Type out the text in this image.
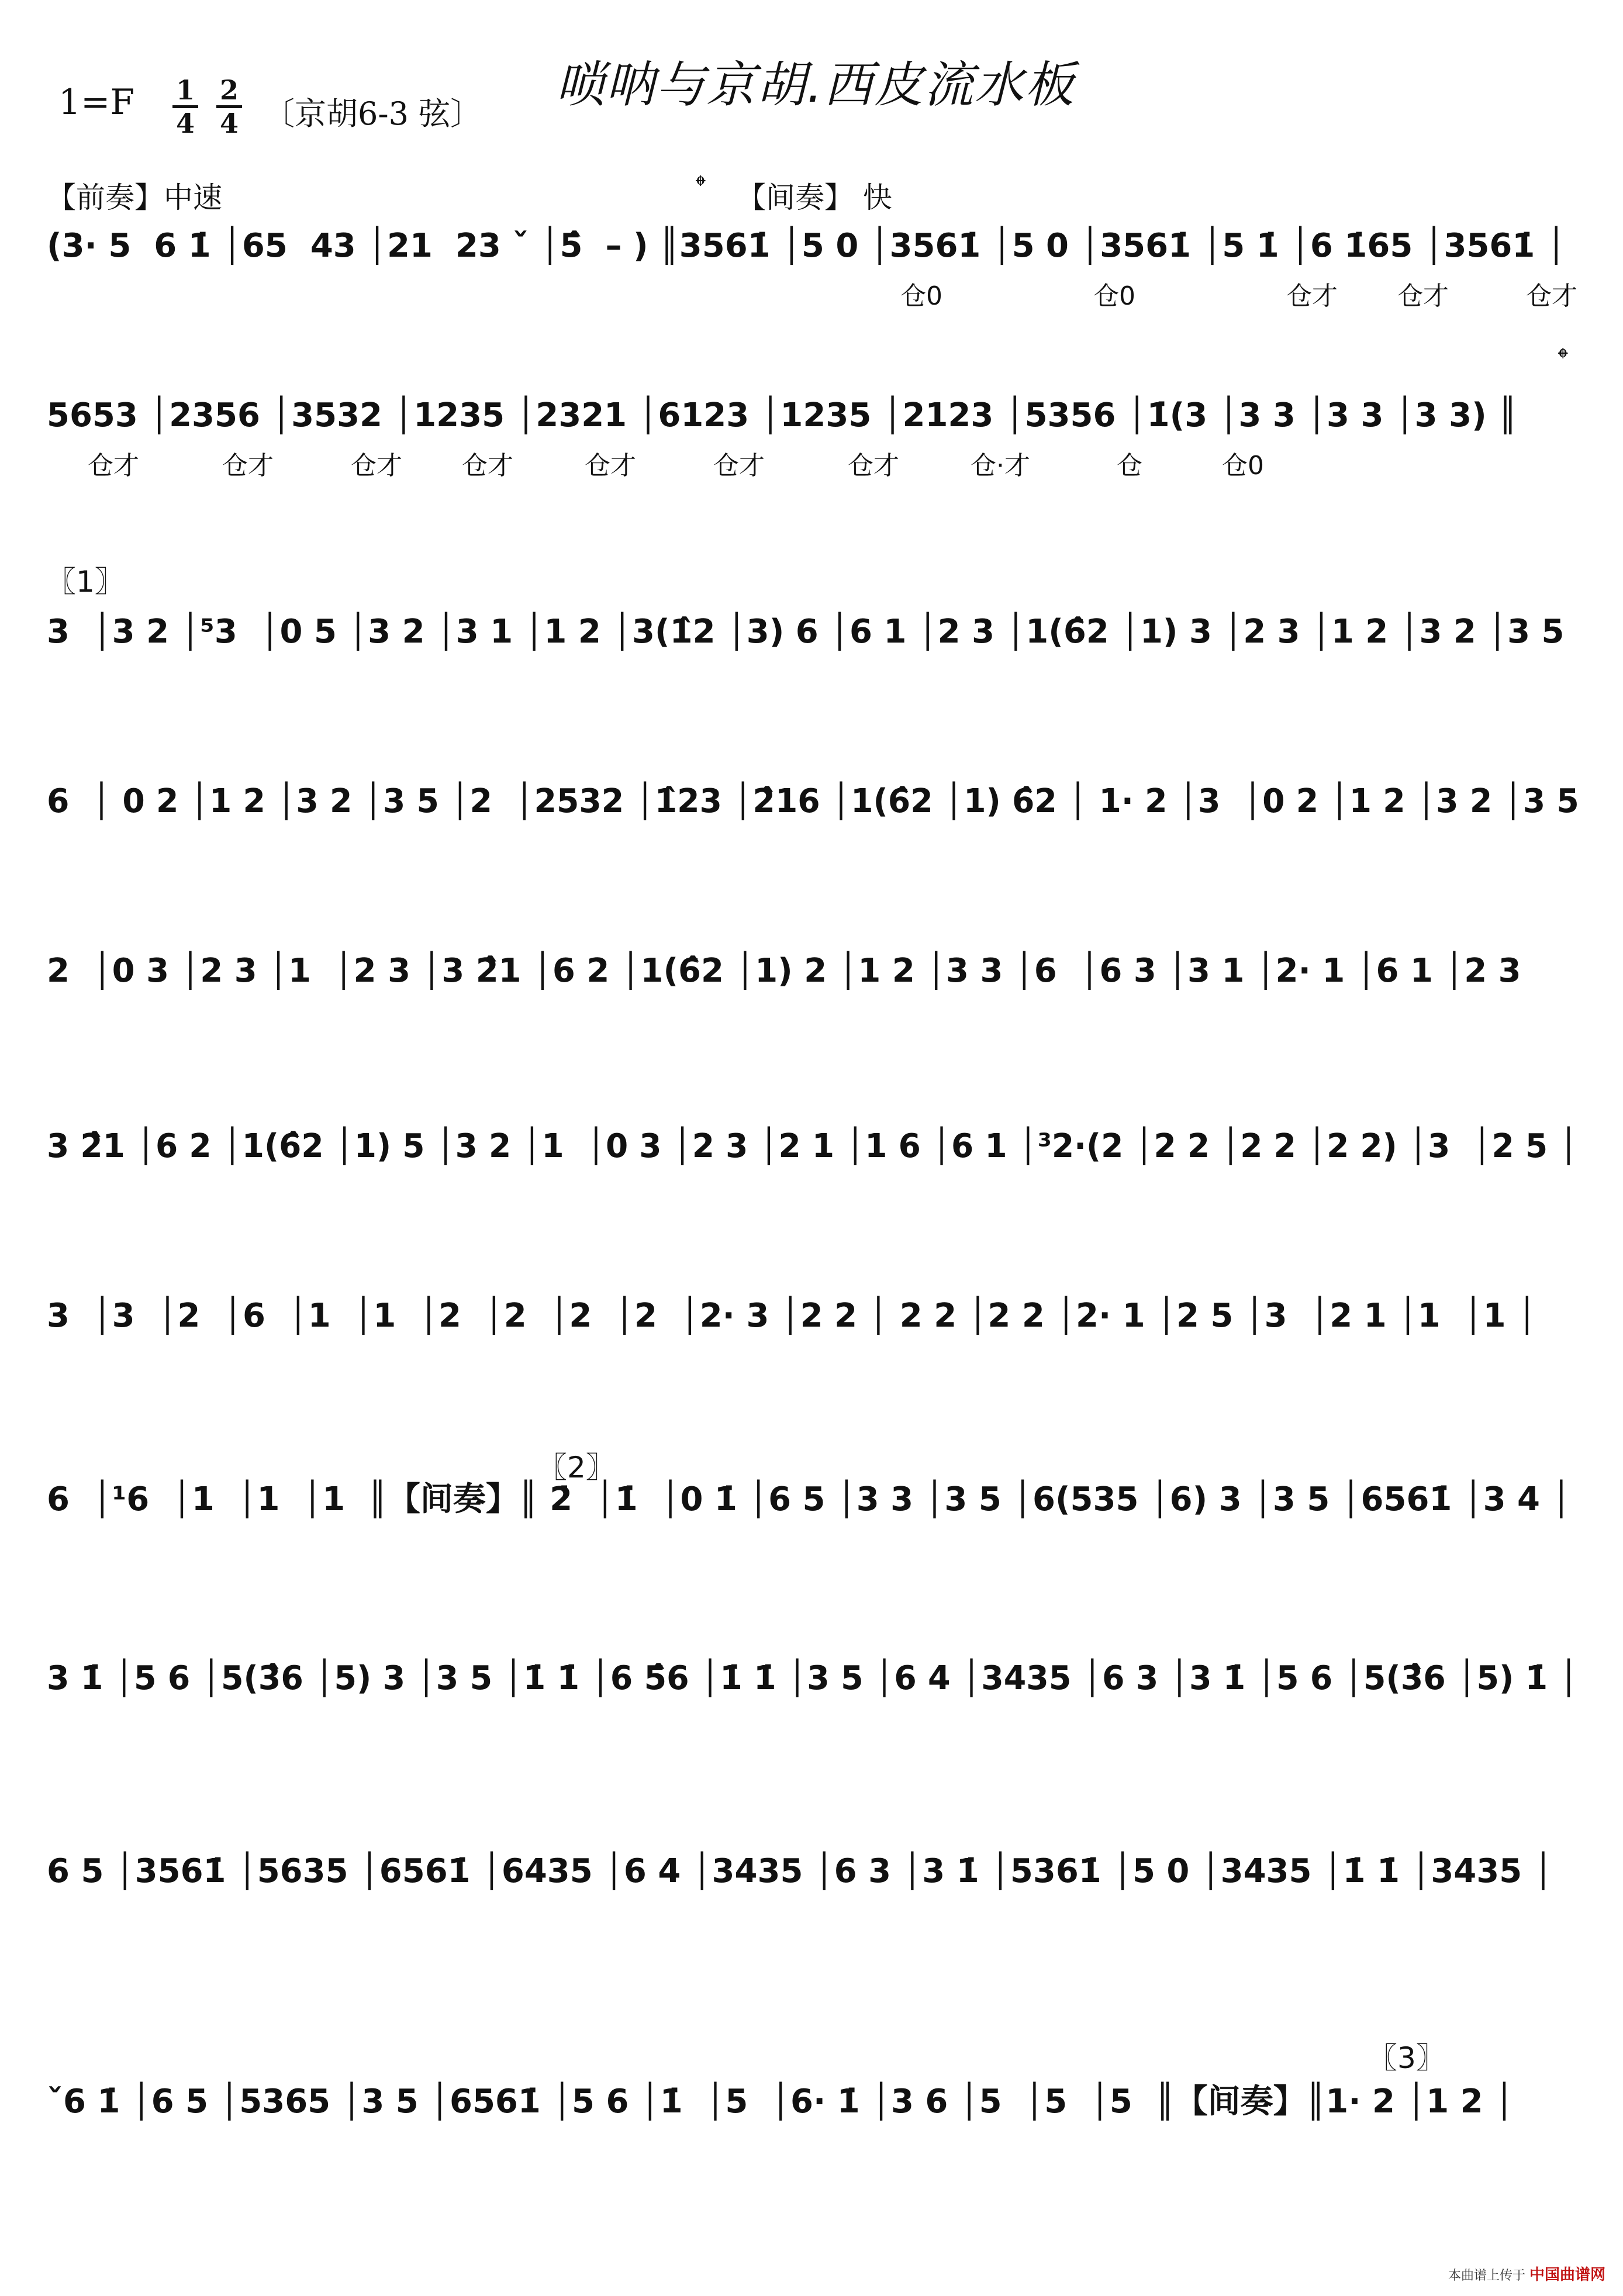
唢呐与京胡.西皮流水板
1=F 1
4
2
4 〔京胡6-3 弦〕
【前奏】中速	【间奏】 快
𝄌
𝄌
〖1〗
〖2〗
〖3〗
(3· 5  6 1̇ │65  43 │21  23 ˇ │5̂  – ) ║3561̇ │5 0 │3561̇ │5 0 │3561̇ │5 1̇ │6 1̇65 │3561̇ │
仓0	仓0	仓才 仓才	仓才
5653 │2356 │3532 │1235 │2321 │6123 │1235 │2123 │5356 │1̇(3 │3 3 │3 3 │3 3) ║
仓才	仓才	仓才 仓才	仓才	仓才	仓才	仓·才	仓	仓0
3  │3 2 │⁵3  │0 5 │3 2 │3 1 │1 2 │3(1̂2 │3) 6 │6 1 │2 3 │1(6̂2 │1) 3 │2 3 │1 2 │3 2 │3 5
6  │ 0 2 │1 2 │3 2 │3 5 │2  │2532 │1̂23 │2̂16 │1(6̂2 │1) 6̂2 │ 1· 2 │3  │0 2 │1 2 │3 2 │3 5
2  │0 3 │2 3 │1  │2 3 │3 2̂1 │6 2 │1(6̂2 │1) 2 │1 2 │3 3 │6  │6 3 │3 1 │2· 1 │6 1 │2 3
3 2̂1 │6 2 │1(6̂2 │1) 5 │3 2 │1  │0 3 │2 3 │2 1 │1 6 │6 1 │³2·(2 │2 2 │2 2 │2 2) │3  │2 5 │
3  │3  │2  │6  │1  │1  │2  │2  │2  │2  │2· 3 │2 2 │ 2 2 │2 2 │2· 1 │2 5 │3  │2 1 │1  │1 │
6  │¹6  │1  │1  │1  ║【间奏】║ 2̇  │1̇  │0 1̇ │6 5 │3 3 │3 5 │6(535 │6) 3 │3 5 │6561̇ │3 4 │
3 1̇ │5 6 │5(3̂6 │5) 3 │3 5 │1̇ 1̇ │6 5̂6 │1̇ 1̇ │3 5 │6 4 │3435 │6 3 │3 1̇ │5 6 │5(3̂6 │5) 1̇ │
6 5 │3561̇ │5635 │6561̇ │6435 │6 4 │3435 │6 3 │3 1̇ │5361̇ │5 0 │3435 │1̇ 1̇ │3435 │
ˇ6 1̇ │6 5 │5365 │3 5 │6561̇ │5 6 │1̇  │5  │6· 1̇ │3 6 │5  │5  │5  ║【间奏】║1· 2 │1 2 │
本曲谱上传于 中国曲谱网
